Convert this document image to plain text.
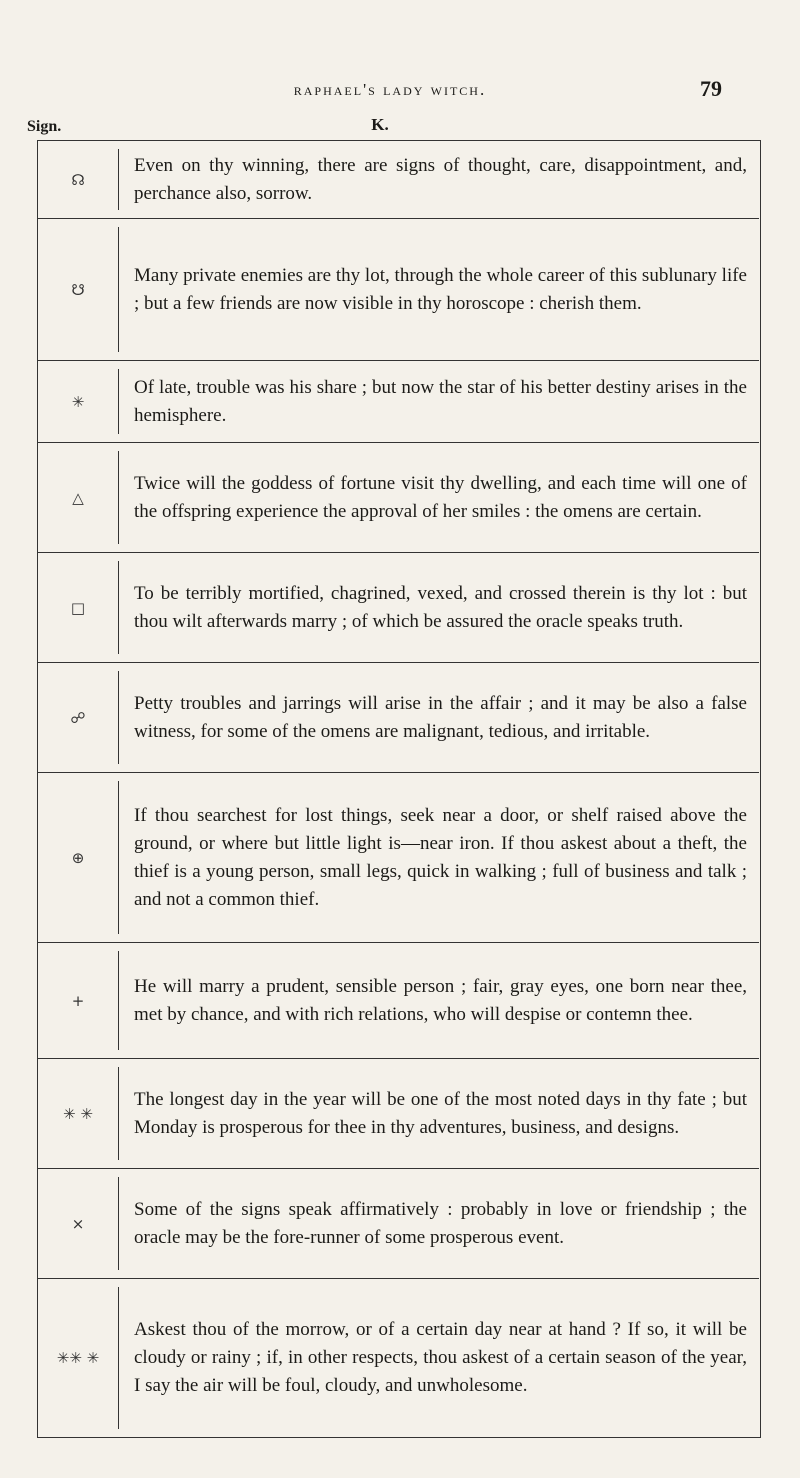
raphael's lady witch.	79
Sign.	K.
☊
Even on thy winning, there are signs of thought, care, disappointment, and, perchance also, sorrow.
☋
Many private enemies are thy lot, through the whole career of this sublunary life ; but a few friends are now visible in thy horoscope : cherish them.
✳
Of late, trouble was his share ; but now the star of his better destiny arises in the hemisphere.
△
Twice will the goddess of fortune visit thy dwelling, and each time will one of the offspring experience the approval of her smiles : the omens are certain.
□
To be terribly mortified, chagrined, vexed, and crossed therein is thy lot : but thou wilt afterwards marry ; of which be assured the oracle speaks truth.
☍
Petty troubles and jarrings will arise in the affair ; and it may be also a false witness, for some of the omens are malignant, tedious, and irritable.
⊕
If thou searchest for lost things, seek near a door, or shelf raised above the ground, or where but little light is—near iron. If thou askest about a theft, the thief is a young person, small legs, quick in walking ; full of business and talk ; and not a common thief.
+
He will marry a prudent, sensible person ; fair, gray eyes, one born near thee, met by chance, and with rich relations, who will despise or contemn thee.
✳ ✳
The longest day in the year will be one of the most noted days in thy fate ; but Monday is prosperous for thee in thy adventures, business, and designs.
×
Some of the signs speak affirmatively : probably in love or friendship ; the oracle may be the fore-runner of some prosperous event.
✳✳ ✳
Askest thou of the morrow, or of a certain day near at hand ? If so, it will be cloudy or rainy ; if, in other respects, thou askest of a certain season of the year, I say the air will be foul, cloudy, and unwholesome.
